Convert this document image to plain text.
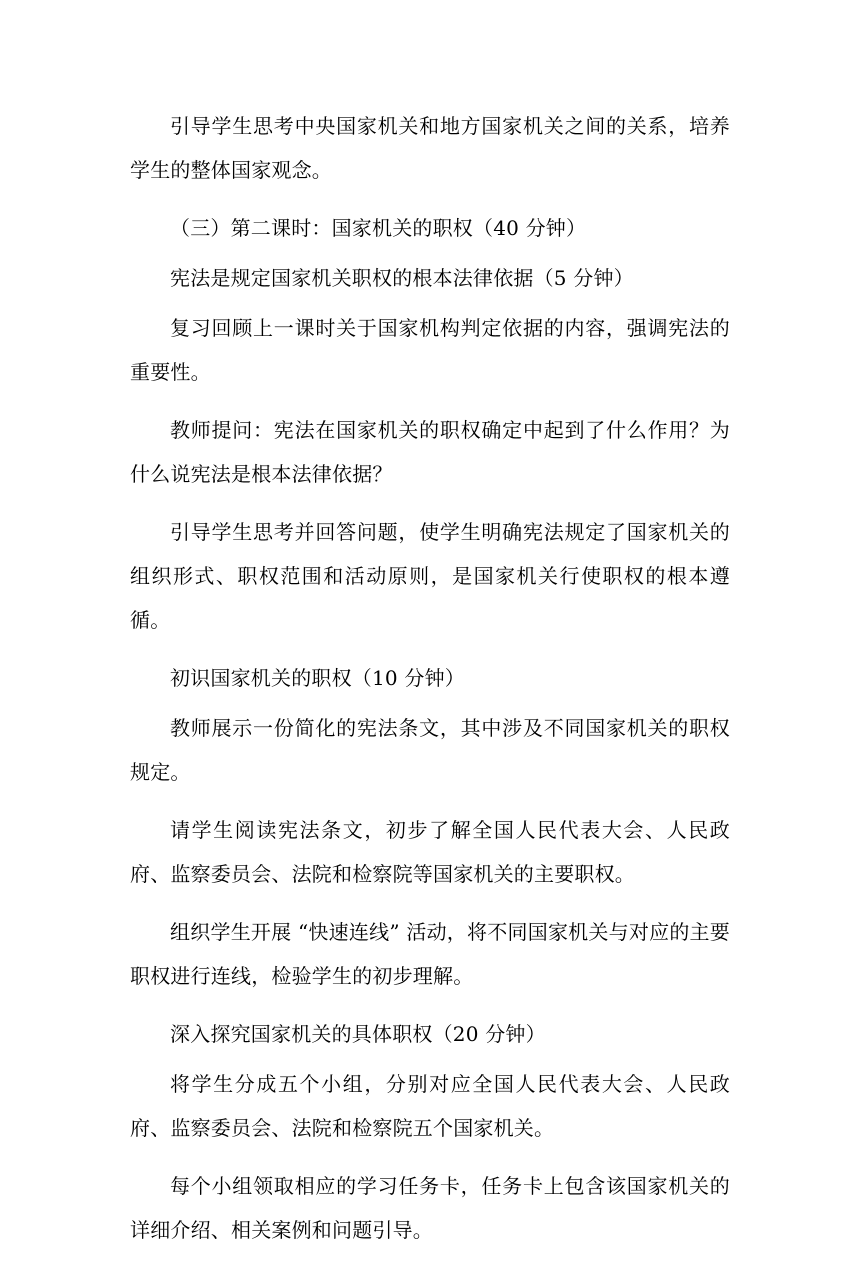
引导学生思考中央国家机关和地方国家机关之间的关系，培养学生的整体国家观念。

（三）第二课时：国家机关的职权（40 分钟）

宪法是规定国家机关职权的根本法律依据（5 分钟）

复习回顾上一课时关于国家机构判定依据的内容，强调宪法的重要性。

教师提问：宪法在国家机关的职权确定中起到了什么作用？为什么说宪法是根本法律依据？

引导学生思考并回答问题，使学生明确宪法规定了国家机关的组织形式、职权范围和活动原则，是国家机关行使职权的根本遵循。

初识国家机关的职权（10 分钟）

教师展示一份简化的宪法条文，其中涉及不同国家机关的职权规定。

请学生阅读宪法条文，初步了解全国人民代表大会、人民政府、监察委员会、法院和检察院等国家机关的主要职权。

组织学生开展 “快速连线” 活动，将不同国家机关与对应的主要职权进行连线，检验学生的初步理解。

深入探究国家机关的具体职权（20 分钟）

将学生分成五个小组，分别对应全国人民代表大会、人民政府、监察委员会、法院和检察院五个国家机关。

每个小组领取相应的学习任务卡，任务卡上包含该国家机关的详细介绍、相关案例和问题引导。
